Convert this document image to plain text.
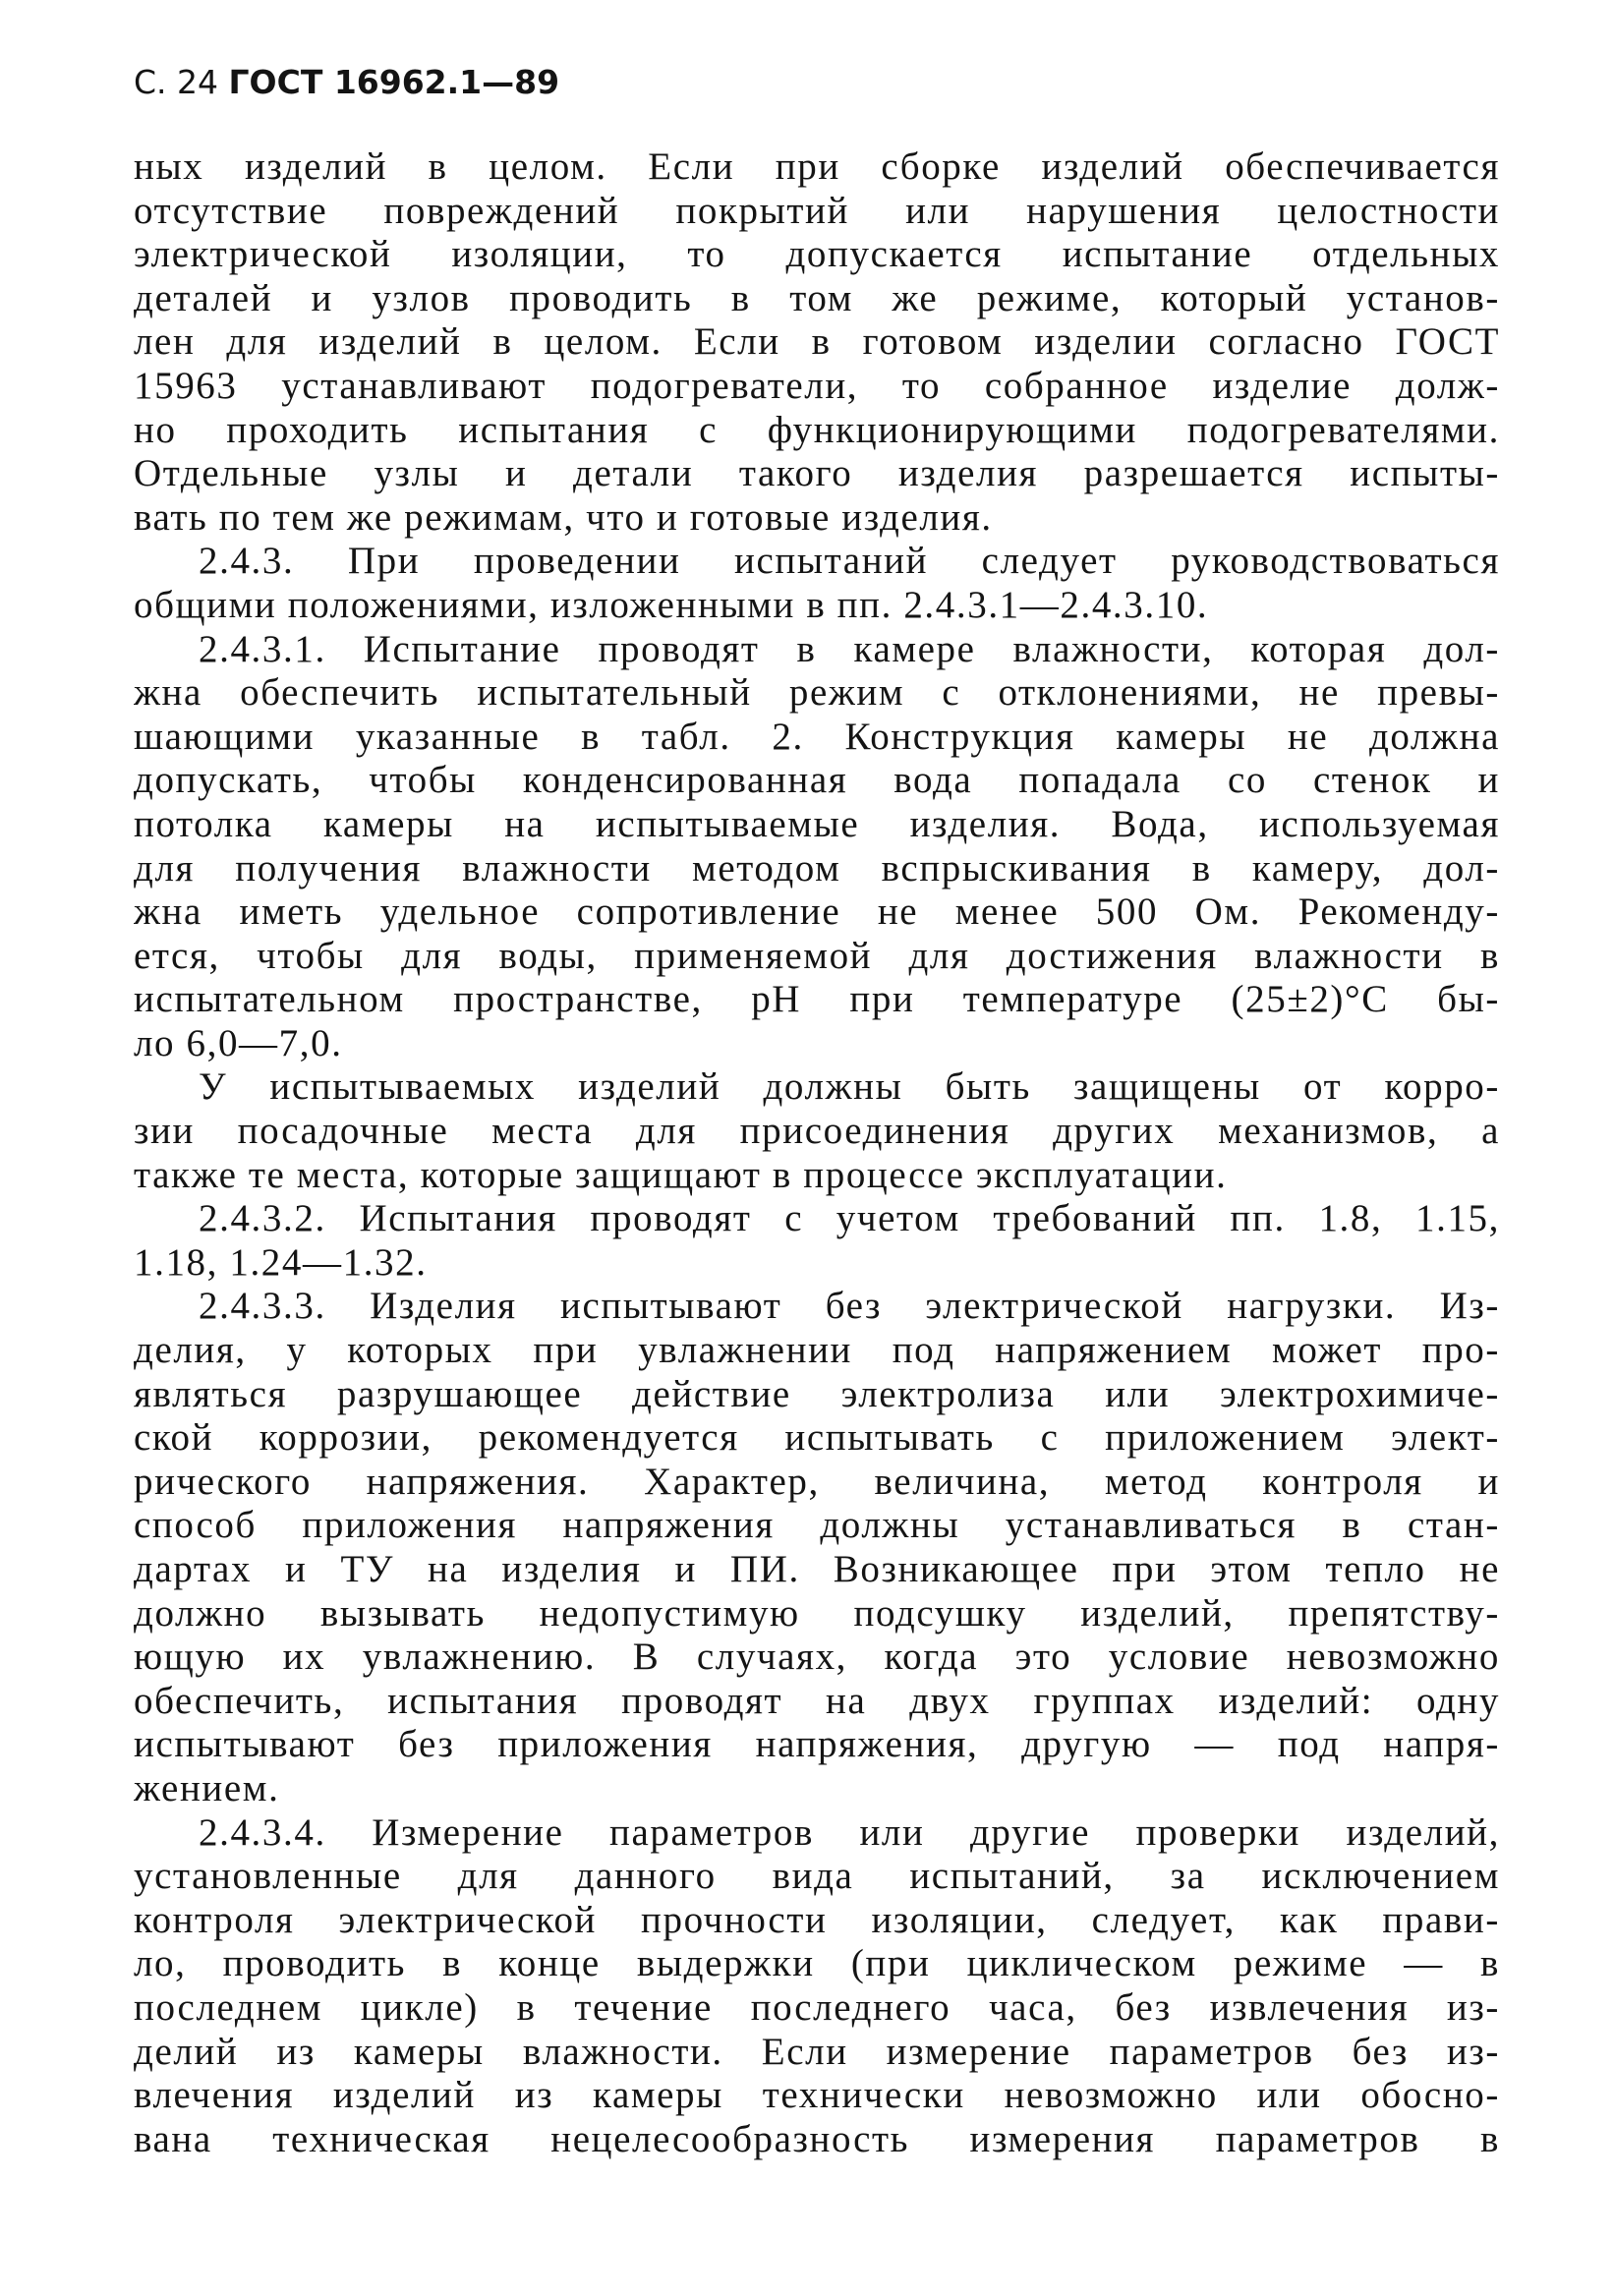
С. 24 ГОСТ 16962.1—89
ных изделий в целом. Если при сборке изделий обеспечивается
отсутствие повреждений покрытий или нарушения целостности
электрической изоляции, то допускается испытание отдельных
деталей и узлов проводить в том же режиме, который установ-
лен для изделий в целом. Если в готовом изделии согласно ГОСТ
15963 устанавливают подогреватели, то собранное изделие долж-
но проходить испытания с функционирующими подогревателями.
Отдельные узлы и детали такого изделия разрешается испыты-
вать по тем же режимам, что и готовые изделия.
2.4.3. При проведении испытаний следует руководствоваться
общими положениями, изложенными в пп. 2.4.3.1—2.4.3.10.
2.4.3.1. Испытание проводят в камере влажности, которая дол-
жна обеспечить испытательный режим с отклонениями, не превы-
шающими указанные в табл. 2. Конструкция камеры не должна
допускать, чтобы конденсированная вода попадала со стенок и
потолка камеры на испытываемые изделия. Вода, используемая
для получения влажности методом вспрыскивания в камеру, дол-
жна иметь удельное сопротивление не менее 500 Ом. Рекоменду-
ется, чтобы для воды, применяемой для достижения влажности в
испытательном пространстве, pH при температуре (25±2)°С бы-
ло 6,0—7,0.
У испытываемых изделий должны быть защищены от корро-
зии посадочные места для присоединения других механизмов, а
также те места, которые защищают в процессе эксплуатации.
2.4.3.2. Испытания проводят с учетом требований пп. 1.8, 1.15,
1.18, 1.24—1.32.
2.4.3.3. Изделия испытывают без электрической нагрузки. Из-
делия, у которых при увлажнении под напряжением может про-
являться разрушающее действие электролиза или электрохимиче-
ской коррозии, рекомендуется испытывать с приложением элект-
рического напряжения. Характер, величина, метод контроля и
способ приложения напряжения должны устанавливаться в стан-
дартах и ТУ на изделия и ПИ. Возникающее при этом тепло не
должно вызывать недопустимую подсушку изделий, препятству-
ющую их увлажнению. В случаях, когда это условие невозможно
обеспечить, испытания проводят на двух группах изделий: одну
испытывают без приложения напряжения, другую — под напря-
жением.
2.4.3.4. Измерение параметров или другие проверки изделий,
установленные для данного вида испытаний, за исключением
контроля электрической прочности изоляции, следует, как прави-
ло, проводить в конце выдержки (при циклическом режиме — в
последнем цикле) в течение последнего часа, без извлечения из-
делий из камеры влажности. Если измерение параметров без из-
влечения изделий из камеры технически невозможно или обосно-
вана техническая нецелесообразность измерения параметров в
